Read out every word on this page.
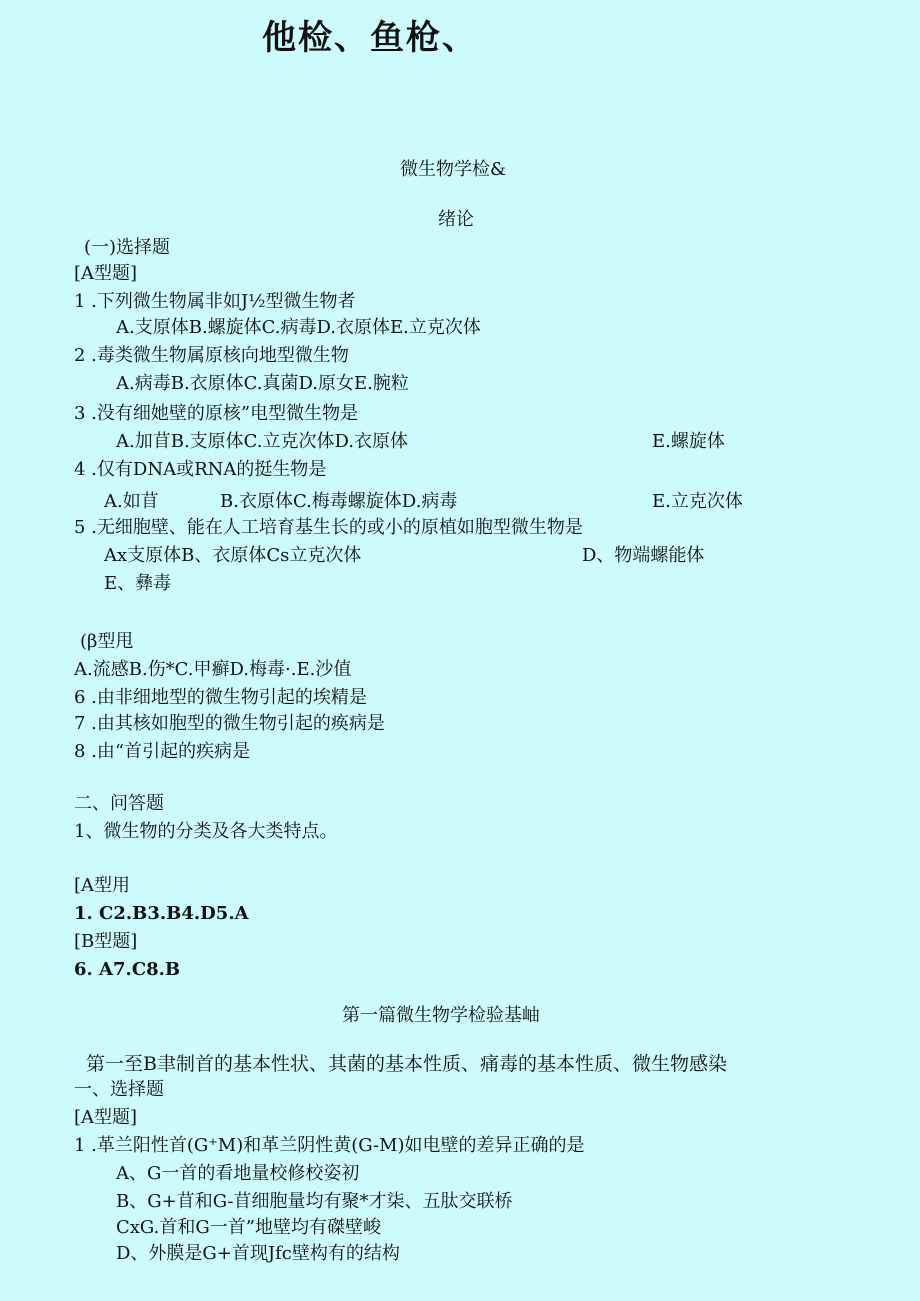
他检、鱼枪、
微生物学检&
绪论
(一)选择题
[A型题]
1 .下列微生物属非如J½型微生物者
A.支原体B.螺旋体C.病毒D.衣原体E.立克次体
2 .毒类微生物属原核向地型微生物
A.病毒B.衣原体C.真菌D.原女E.腕粒
3 .没有细她壁的原核”电型微生物是
A.加苜B.支原体C.立克次体D.衣原体	E.螺旋体
4 .仅有DNA或RNA的挺生物是
A.如苜	B.衣原体C.梅毒螺旋体D.病毒	E.立克次体
5 .无细胞壁、能在人工培育基生长的或小的原植如胞型微生物是
Ax支原体B、衣原体Cs立克次体	D、物端螺能体
E、彝毒
(β型甩
A.流感B.伤*C.甲癣D.梅毒·.E.沙值
6 .由非细地型的微生物引起的埃精是
7 .由其核如胞型的微生物引起的痪病是
8 .由“首引起的疾病是
二、问答题
1、微生物的分类及各大类特点。
[A型用
1. C2.B3.B4.D5.A
[B型题]
6. A7.C8.B
第一篇微生物学检验基岫
第一至B聿制首的基本性状、其菌的基本性质、痛毒的基本性质、微生物感染
一、选择题
[A型题]
1 .革兰阳性首(G⁺M)和革兰阴性黄(G-M)如电壁的差异正确的是
A、G一首的看地量校修校姿初
B、G+苜和G-苜细胞量均有聚*才柒、五肽交联桥
CxG.首和G一首”地壁均有磔壁峻
D、外膜是G+首现Jfc壁构有的结构
